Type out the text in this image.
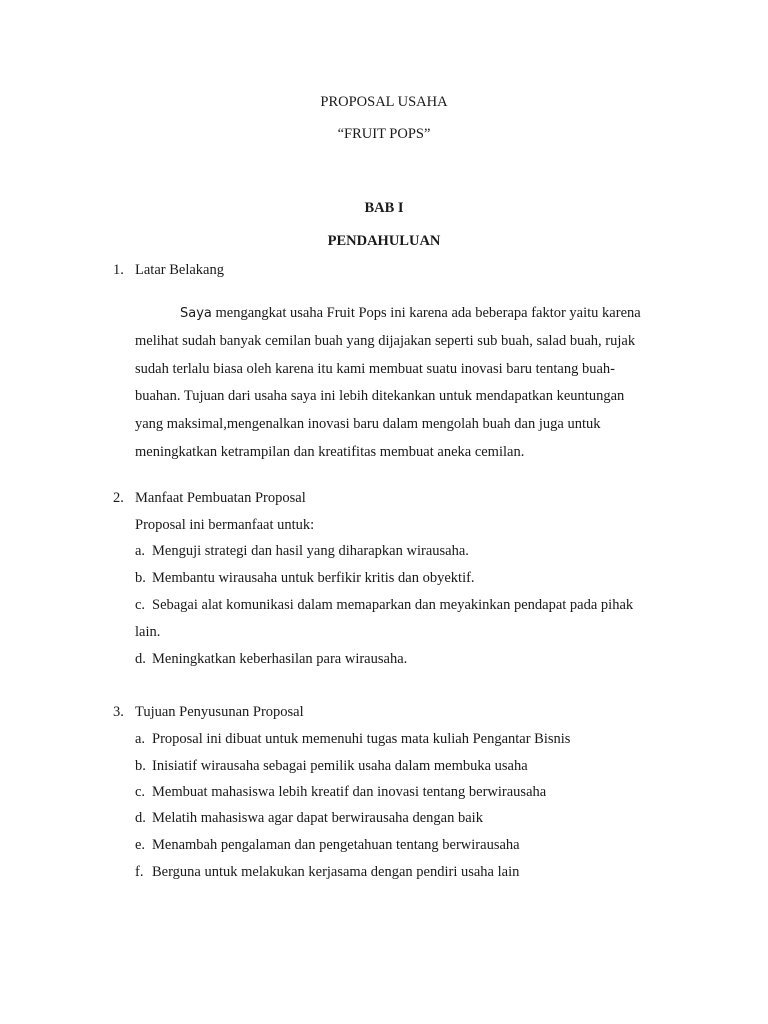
PROPOSAL USAHA
“FRUIT POPS”
BAB I
PENDAHULUAN
1. Latar Belakang
Saya mengangkat usaha Fruit Pops ini karena ada beberapa faktor yaitu karena
melihat sudah banyak cemilan buah yang dijajakan seperti sub buah, salad buah, rujak
sudah terlalu biasa oleh karena itu kami membuat suatu inovasi baru tentang buah-
buahan. Tujuan dari usaha saya ini lebih ditekankan untuk mendapatkan keuntungan
yang maksimal,mengenalkan inovasi baru dalam mengolah buah dan juga untuk
meningkatkan ketrampilan dan kreatifitas membuat aneka cemilan.
2. Manfaat Pembuatan Proposal
Proposal ini bermanfaat untuk:
a. Menguji strategi dan hasil yang diharapkan wirausaha.
b. Membantu wirausaha untuk berfikir kritis dan obyektif.
c. Sebagai alat komunikasi dalam memaparkan dan meyakinkan pendapat pada pihak
lain.
d. Meningkatkan keberhasilan para wirausaha.
3. Tujuan Penyusunan Proposal
a. Proposal ini dibuat untuk memenuhi tugas mata kuliah Pengantar Bisnis
b. Inisiatif wirausaha sebagai pemilik usaha dalam membuka usaha
c. Membuat mahasiswa lebih kreatif dan inovasi tentang berwirausaha
d. Melatih mahasiswa agar dapat berwirausaha dengan baik
e. Menambah pengalaman dan pengetahuan tentang berwirausaha
f. Berguna untuk melakukan kerjasama dengan pendiri usaha lain
